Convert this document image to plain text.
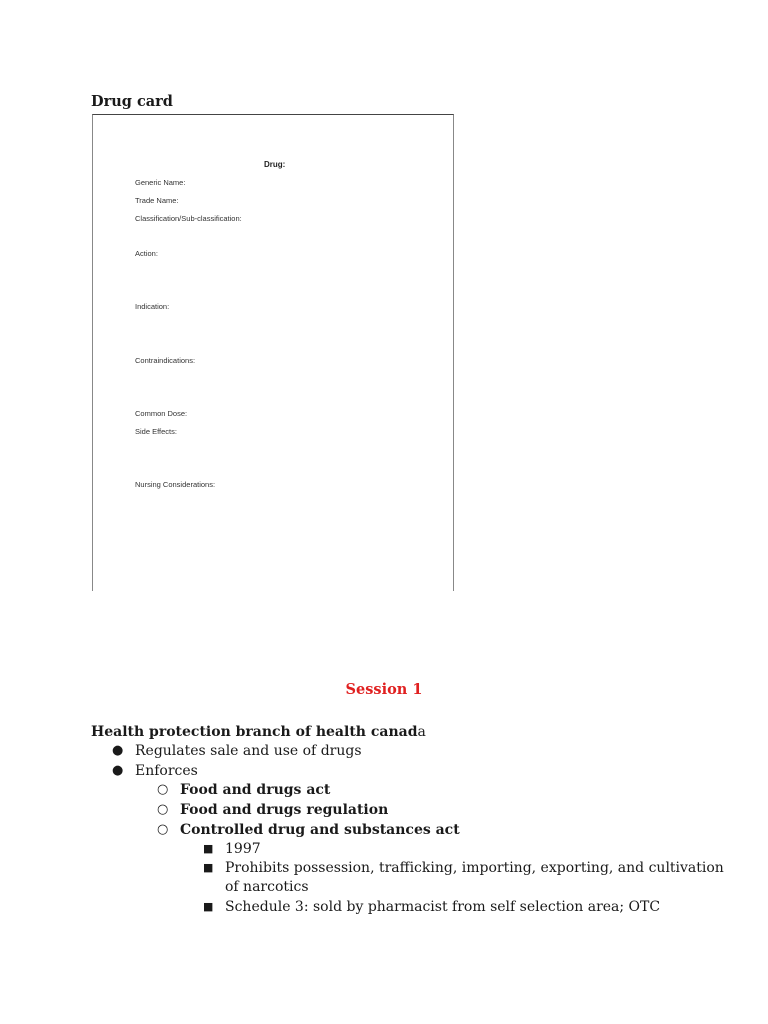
Drug card
Drug:
Generic Name:
Trade Name:
Classification/Sub-classification:
Action:
Indication:
Contraindications:
Common Dose:
Side Effects:
Nursing Considerations:
Session 1
Health protection branch of health canada
● Regulates sale and use of drugs
● Enforces
○ Food and drugs act
○ Food and drugs regulation
○ Controlled drug and substances act
■ 1997
■ Prohibits possession, trafficking, importing, exporting, and cultivation
of narcotics
■ Schedule 3: sold by pharmacist from self selection area; OTC
